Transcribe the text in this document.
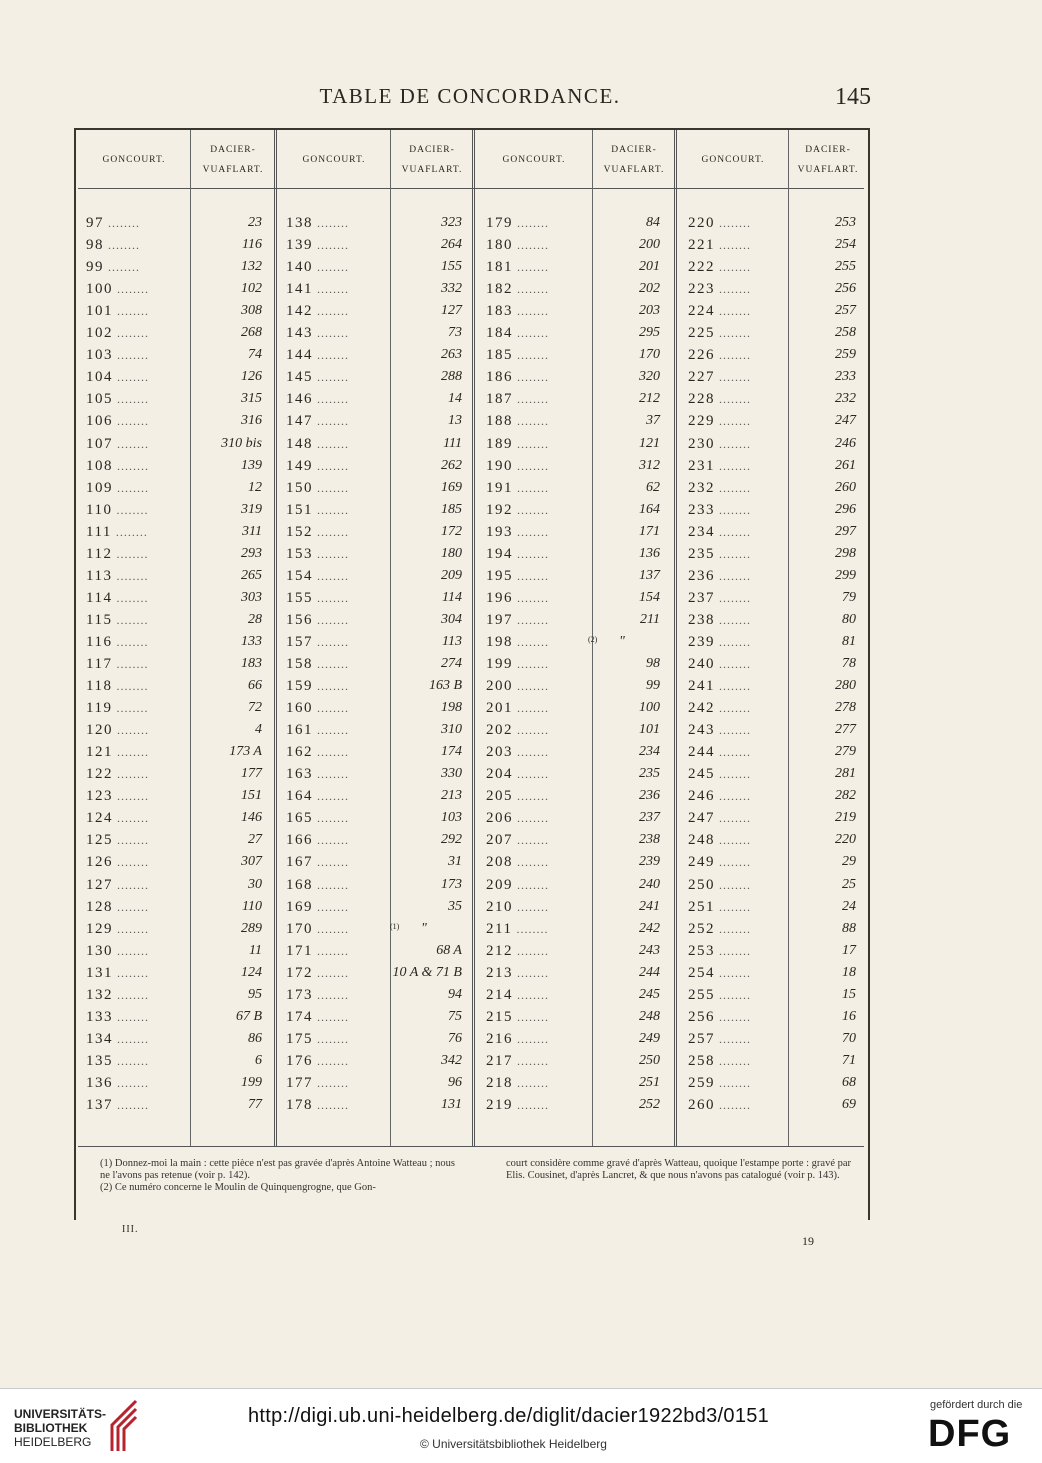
TABLE DE CONCORDANCE.	145
GONCOURT.
DACIER-
VUAFLART.
GONCOURT.
DACIER-
VUAFLART.
GONCOURT.
DACIER-
VUAFLART.
GONCOURT.
DACIER-
VUAFLART.
97 ........	23
98 ........	116
99 ........	132
100 ........	102
101 ........	308
102 ........	268
103 ........	74
104 ........	126
105 ........	315
106 ........	316
107 ........	310 bis
108 ........	139
109 ........	12
110 ........	319
111 ........	311
112 ........	293
113 ........	265
114 ........	303
115 ........	28
116 ........	133
117 ........	183
118 ........	66
119 ........	72
120 ........	4
121 ........	173 A
122 ........	177
123 ........	151
124 ........	146
125 ........	27
126 ........	307
127 ........	30
128 ........	110
129 ........	289
130 ........	11
131 ........	124
132 ........	95
133 ........	67 B
134 ........	86
135 ........	6
136 ........	199
137 ........	77
138 ........	323
139 ........	264
140 ........	155
141 ........	332
142 ........	127
143 ........	73
144 ........	263
145 ........	288
146 ........	14
147 ........	13
148 ........	111
149 ........	262
150 ........	169
151 ........	185
152 ........	172
153 ........	180
154 ........	209
155 ........	114
156 ........	304
157 ........	113
158 ........	274
159 ........	163 B
160 ........	198
161 ........	310
162 ........	174
163 ........	330
164 ........	213
165 ........	103
166 ........	292
167 ........	31
168 ........	173
169 ........	35
170 ........	(1) "
171 ........	68 A
172 ........	10 A & 71 B
173 ........	94
174 ........	75
175 ........	76
176 ........	342
177 ........	96
178 ........	131
179 ........	84
180 ........	200
181 ........	201
182 ........	202
183 ........	203
184 ........	295
185 ........	170
186 ........	320
187 ........	212
188 ........	37
189 ........	121
190 ........	312
191 ........	62
192 ........	164
193 ........	171
194 ........	136
195 ........	137
196 ........	154
197 ........	211
198 ........	(2) "
199 ........	98
200 ........	99
201 ........	100
202 ........	101
203 ........	234
204 ........	235
205 ........	236
206 ........	237
207 ........	238
208 ........	239
209 ........	240
210 ........	241
211 ........	242
212 ........	243
213 ........	244
214 ........	245
215 ........	248
216 ........	249
217 ........	250
218 ........	251
219 ........	252
220 ........	253
221 ........	254
222 ........	255
223 ........	256
224 ........	257
225 ........	258
226 ........	259
227 ........	233
228 ........	232
229 ........	247
230 ........	246
231 ........	261
232 ........	260
233 ........	296
234 ........	297
235 ........	298
236 ........	299
237 ........	79
238 ........	80
239 ........	81
240 ........	78
241 ........	280
242 ........	278
243 ........	277
244 ........	279
245 ........	281
246 ........	282
247 ........	219
248 ........	220
249 ........	29
250 ........	25
251 ........	24
252 ........	88
253 ........	17
254 ........	18
255 ........	15
256 ........	16
257 ........	70
258 ........	71
259 ........	68
260 ........	69
(1) Donnez-moi la main : cette pièce n'est pas gravée d'après Antoine Watteau ; nous ne l'avons pas retenue (voir p. 142).
(2) Ce numéro concerne le Moulin de Quinquengrogne, que Gon-
court considère comme gravé d'après Watteau, quoique l'estampe porte : gravé par Elis. Cousinet, d'après Lancret, & que nous n'avons pas catalogué (voir p. 143).
III.
19
UNIVERSITÄTS-
BIBLIOTHEK
HEIDELBERG
http://digi.ub.uni-heidelberg.de/diglit/dacier1922bd3/0151
© Universitätsbibliothek Heidelberg
gefördert durch die
DFG
